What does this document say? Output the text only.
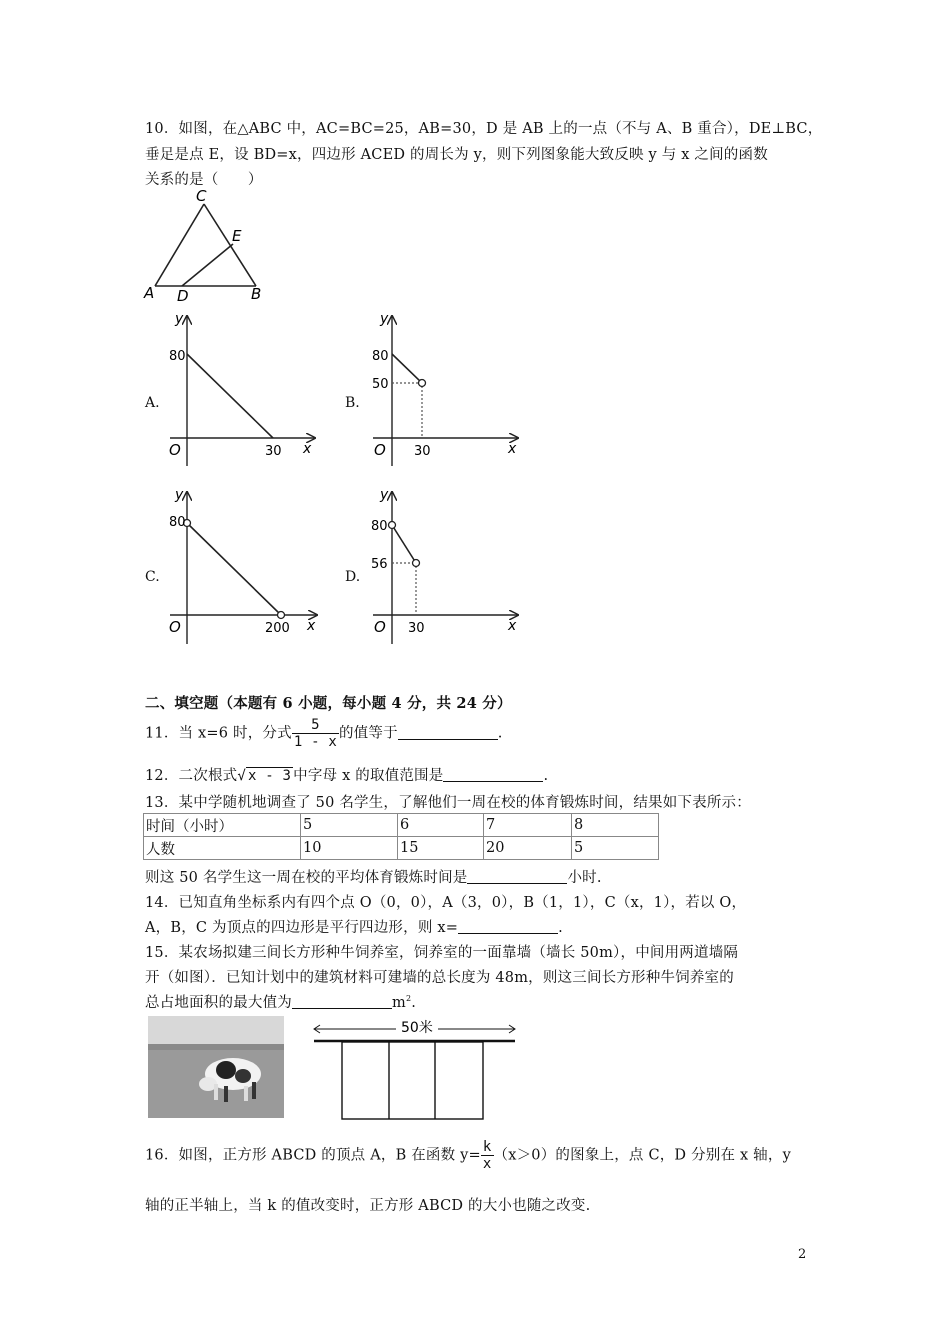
10．如图，在△ABC 中，AC=BC=25，AB=30，D 是 AB 上的一点（不与 A、B 重合），DE⊥BC，
垂足是点 E，设 BD=x，四边形 ACED 的周长为 y，则下列图象能大致反映 y 与 x 之间的函数
关系的是（　　）
C
E
A D	B
A.
y
80
O	30 x
B.
y
80
50
O 30	x
C.
y
80
O	200 x
D.
y
80
56
O 30	x
二、填空题（本题有 6 小题，每小题 4 分，共 24 分）
11．当 x=6 时，分式 $\frac{5}{1 - x}$ 的值等于	.
12．二次根式√ x - 3 中字母 x 的取值范围是	.
13．某中学随机地调查了 50 名学生，了解他们一周在校的体育锻炼时间，结果如下表所示：
时间（小时）	5	6	7	8
人数	10	15	20	5
则这 50 名学生这一周在校的平均体育锻炼时间是	小时.
14．已知直角坐标系内有四个点 O（0，0），A（3，0），B（1，1），C（x，1），若以 O，
A，B，C 为顶点的四边形是平行四边形，则 x=	.
15．某农场拟建三间长方形种牛饲养室，饲养室的一面靠墙（墙长 50m），中间用两道墙隔
开（如图）．已知计划中的建筑材料可建墙的总长度为 48m，则这三间长方形种牛饲养室的
总占地面积的最大值为	$m^2$.
50米
16．如图，正方形 ABCD 的顶点 A，B 在函数 $y= \frac{k}{x} (x>0)$的图象上，点 C，D 分别在 x 轴，y
轴的正半轴上，当 k 的值改变时，正方形 ABCD 的大小也随之改变.
2
